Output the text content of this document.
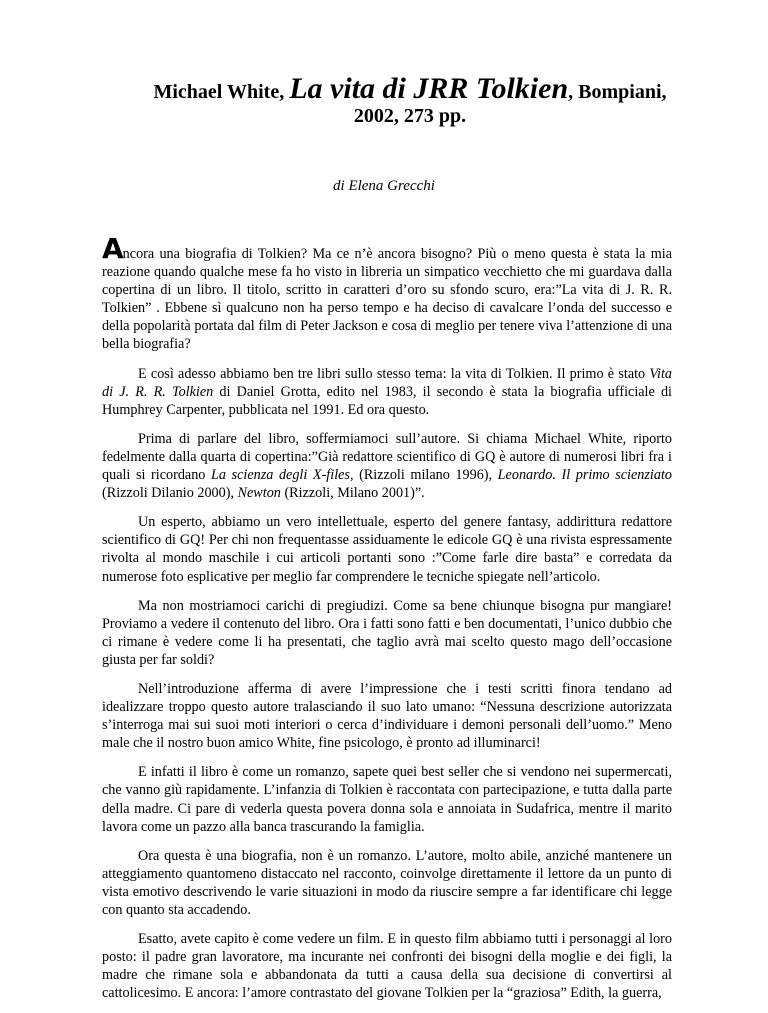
Michael White, La vita di JRR Tolkien, Bompiani,
2002, 273 pp.
di Elena Grecchi

Ancora una biografia di Tolkien? Ma ce n’è ancora bisogno? Più o meno questa è stata la mia reazione quando qualche mese fa ho visto in libreria un simpatico vecchietto che mi guardava dalla copertina di un libro. Il titolo, scritto in caratteri d’oro su sfondo scuro, era:”La vita di J. R. R. Tolkien” . Ebbene sì qualcuno non ha perso tempo e ha deciso di cavalcare l’onda del successo e della popolarità portata dal film di Peter Jackson e cosa di meglio per tenere viva l’attenzione di una bella biografia?

E così adesso abbiamo ben tre libri sullo stesso tema: la vita di Tolkien. Il primo è stato Vita di J. R. R. Tolkien di Daniel Grotta, edito nel 1983, il secondo è stata la biografia ufficiale di Humphrey Carpenter, pubblicata nel 1991. Ed ora questo.

Prima di parlare del libro, soffermiamoci sull’autore. Si chiama Michael White, riporto fedelmente dalla quarta di copertina:”Già redattore scientifico di GQ è autore di numerosi libri fra i quali si ricordano La scienza degli X-files, (Rizzoli milano 1996), Leonardo. Il primo scienziato (Rizzoli Dilanio 2000), Newton (Rizzoli, Milano 2001)”.

Un esperto, abbiamo un vero intellettuale, esperto del genere fantasy, addirittura redattore scientifico di GQ! Per chi non frequentasse assiduamente le edicole GQ è una rivista espressamente rivolta al mondo maschile i cui articoli portanti sono :”Come farle dire basta” e corredata da numerose foto esplicative per meglio far comprendere le tecniche spiegate nell’articolo.

Ma non mostriamoci carichi di pregiudizi. Come sa bene chiunque bisogna pur mangiare! Proviamo a vedere il contenuto del libro. Ora i fatti sono fatti e ben documentati, l’unico dubbio che ci rimane è vedere come li ha presentati, che taglio avrà mai scelto questo mago dell’occasione giusta per far soldi?

Nell’introduzione afferma di avere l’impressione che i testi scritti finora tendano ad idealizzare troppo questo autore tralasciando il suo lato umano: “Nessuna descrizione autorizzata s’interroga mai sui suoi moti interiori o cerca d’individuare i demoni personali dell’uomo.” Meno male che il nostro buon amico White, fine psicologo, è pronto ad illuminarci!

E infatti il libro è come un romanzo, sapete quei best seller che si vendono nei supermercati, che vanno giù rapidamente. L’infanzia di Tolkien è raccontata con partecipazione, e tutta dalla parte della madre. Ci pare di vederla questa povera donna sola e annoiata in Sudafrica, mentre il marito lavora come un pazzo alla banca trascurando la famiglia.

Ora questa è una biografia, non è un romanzo. L’autore, molto abile, anziché mantenere un atteggiamento quantomeno distaccato nel racconto, coinvolge direttamente il lettore da un punto di vista emotivo descrivendo le varie situazioni in modo da riuscire sempre a far identificare chi legge con quanto sta accadendo.

Esatto, avete capito è come vedere un film. E in questo film abbiamo tutti i personaggi al loro posto: il padre gran lavoratore, ma incurante nei confronti dei bisogni della moglie e dei figli, la madre che rimane sola e abbandonata da tutti a causa della sua decisione di convertirsi al cattolicesimo. E ancora: l’amore contrastato del giovane Tolkien per la “graziosa” Edith, la guerra,
